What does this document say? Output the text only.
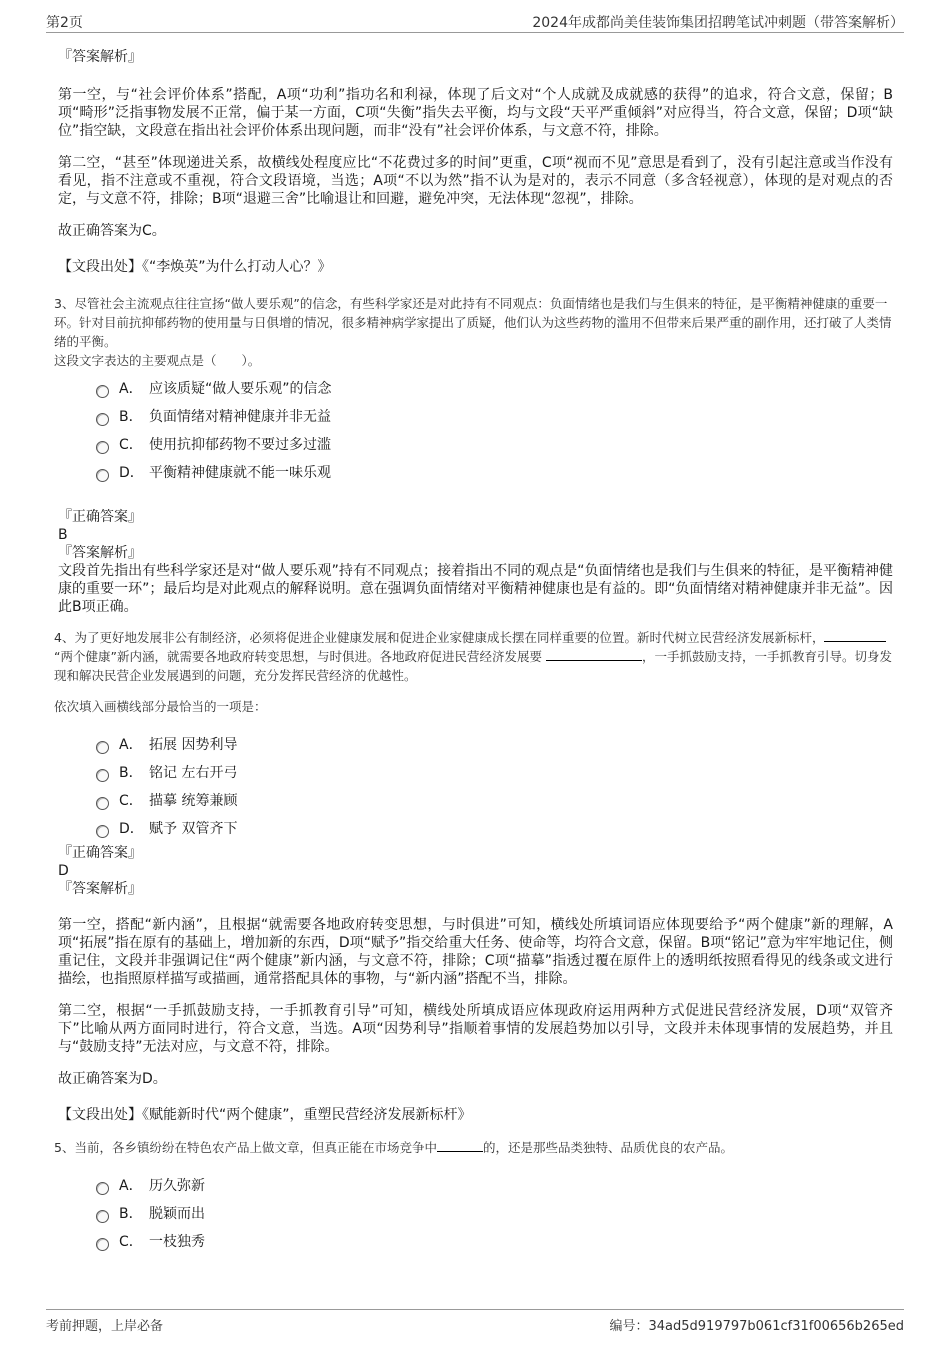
第2页	2024年成都尚美佳装饰集团招聘笔试冲刺题（带答案解析）

『答案解析』

第一空，与“社会评价体系”搭配，A项“功利”指功名和利禄，体现了后文对“个人成就及成就感的获得”的追求，符合文意，保留；B项“畸形”泛指事物发展不正常，偏于某一方面，C项“失衡”指失去平衡，均与文段“天平严重倾斜”对应得当，符合文意，保留；D项“缺位”指空缺，文段意在指出社会评价体系出现问题，而非“没有”社会评价体系，与文意不符，排除。

第二空，“甚至”体现递进关系，故横线处程度应比“不花费过多的时间”更重，C项“视而不见”意思是看到了，没有引起注意或当作没有看见，指不注意或不重视，符合文段语境，当选；A项“不以为然”指不认为是对的，表示不同意（多含轻视意），体现的是对观点的否定，与文意不符，排除；B项“退避三舍”比喻退让和回避，避免冲突，无法体现“忽视”，排除。

故正确答案为C。

【文段出处】《“李焕英”为什么打动人心？》

3、尽管社会主流观点往往宣扬“做人要乐观”的信念，有些科学家还是对此持有不同观点：负面情绪也是我们与生俱来的特征，是平衡精神健康的重要一环。针对目前抗抑郁药物的使用量与日俱增的情况，很多精神病学家提出了质疑，他们认为这些药物的滥用不但带来后果严重的副作用，还打破了人类情绪的平衡。

这段文字表达的主要观点是（　　）。

A． 应该质疑“做人要乐观”的信念
B． 负面情绪对精神健康并非无益
C． 使用抗抑郁药物不要过多过滥
D． 平衡精神健康就不能一味乐观

『正确答案』

B

『答案解析』

文段首先指出有些科学家还是对“做人要乐观”持有不同观点；接着指出不同的观点是“负面情绪也是我们与生俱来的特征，是平衡精神健康的重要一环”；最后均是对此观点的解释说明。意在强调负面情绪对平衡精神健康也是有益的。即“负面情绪对精神健康并非无益”。因此B项正确。

4、为了更好地发展非公有制经济，必须将促进企业健康发展和促进企业家健康成长摆在同样重要的位置。新时代树立民营经济发展新标杆，“两个健康”新内涵，就需要各地政府转变思想，与时俱进。各地政府促进民营经济发展要	，一手抓鼓励支持，一手抓教育引导。切身发现和解决民营企业发展遇到的问题，充分发挥民营经济的优越性。

依次填入画横线部分最恰当的一项是：

A． 拓展 因势利导
B． 铭记 左右开弓
C． 描摹 统筹兼顾
D． 赋予 双管齐下

『正确答案』

D

『答案解析』

第一空，搭配“新内涵”，且根据“就需要各地政府转变思想，与时俱进”可知，横线处所填词语应体现要给予“两个健康”新的理解，A项“拓展”指在原有的基础上，增加新的东西，D项“赋予”指交给重大任务、使命等，均符合文意，保留。B项“铭记”意为牢牢地记住，侧重记住，文段并非强调记住“两个健康”新内涵，与文意不符，排除；C项“描摹”指透过覆在原件上的透明纸按照看得见的线条或文进行描绘，也指照原样描写或描画，通常搭配具体的事物，与“新内涵”搭配不当，排除。

第二空，根据“一手抓鼓励支持，一手抓教育引导”可知，横线处所填成语应体现政府运用两种方式促进民营经济发展，D项“双管齐下”比喻从两方面同时进行，符合文意，当选。A项“因势利导”指顺着事情的发展趋势加以引导，文段并未体现事情的发展趋势，并且与“鼓励支持”无法对应，与文意不符，排除。

故正确答案为D。

【文段出处】《赋能新时代“两个健康”，重塑民营经济发展新标杆》

5、当前，各乡镇纷纷在特色农产品上做文章，但真正能在市场竞争中	的，还是那些品类独特、品质优良的农产品。

A． 历久弥新
B． 脱颖而出
C． 一枝独秀
考前押题，上岸必备	编号：34ad5d919797b061cf31f00656b265ed
